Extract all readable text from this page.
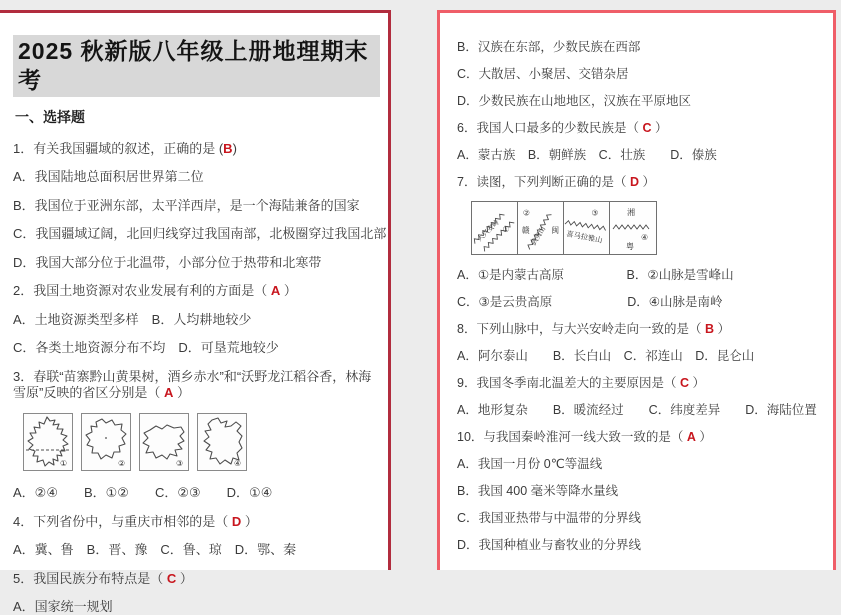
2025 秋新版八年级上册地理期末考
一、选择题
1．有关我国疆域的叙述，正确的是 (B)
A．我国陆地总面积居世界第二位
B．我国位于亚洲东部，太平洋西岸，是一个海陆兼备的国家
C．我国疆域辽阔，北回归线穿过我国南部，北极圈穿过我国北部
D．我国大部分位于北温带，小部分位于热带和北寒带
2．我国土地资源对农业发展有利的方面是（ A ）
A．土地资源类型多样　B．人均耕地较少
C．各类土地资源分布不均　D．可垦荒地较少
3．春联“苗寨黔山黄果树，酒乡赤水”和“沃野龙江稻谷香，林海雪原”反映的省区分别是（ A ）
①	②	③	④
A．②④　　B．①②　　C．②③　　D．①④
4．下列省份中，与重庆市相邻的是（ D ）
A．冀、鲁　B．晋、豫　C．鲁、琼　D．鄂、秦
5．我国民族分布特点是（ C ）
A．国家统一规划
B．汉族在东部，少数民族在西部
C．大散居、小聚居、交错杂居
D．少数民族在山地地区，汉族在平原地区
6．我国人口最多的少数民族是（ C ）
A．蒙古族　B．朝鲜族　C．壮族　　D．傣族
7．读图，下列判断正确的是（ D ）
大兴安岭 ①
②
赣	闽
武夷山
③
喜马拉雅山
湘
④
粤
A．①是内蒙古高原　　　　　B．②山脉是雪峰山
C．③是云贵高原　　　　　　D．④山脉是南岭
8．下列山脉中，与大兴安岭走向一致的是（ B ）
A．阿尔泰山　　B．长白山　C．祁连山　D．昆仑山
9．我国冬季南北温差大的主要原因是（ C ）
A．地形复杂　　B．暖流经过　　C．纬度差异　　D．海陆位置
10．与我国秦岭淮河一线大致一致的是（ A ）
A．我国一月份 0℃等温线
B．我国 400 毫米等降水量线
C．我国亚热带与中温带的分界线
D．我国种植业与畜牧业的分界线
